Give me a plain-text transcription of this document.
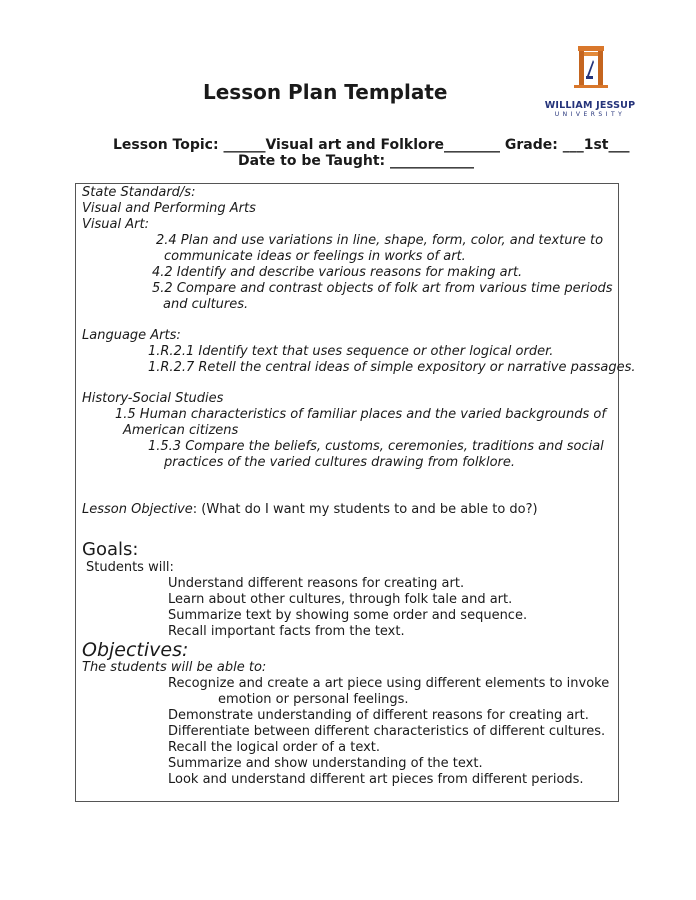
Lesson Plan Template
WILLIAM JESSUP
UNIVERSITY
Lesson Topic: ______Visual art and Folklore________ Grade: ___1st___
Date to be Taught: ____________
State Standard/s:
Visual and Performing Arts
Visual Art:
2.4 Plan and use variations in line, shape, form, color, and texture to
communicate ideas or feelings in works of art.
4.2 Identify and describe various reasons for making art.
5.2 Compare and contrast objects of folk art from various time periods
and cultures.
Language Arts:
1.R.2.1 Identify text that uses sequence or other logical order.
1.R.2.7 Retell the central ideas of simple expository or narrative passages.
History-Social Studies
1.5 Human characteristics of familiar places and the varied backgrounds of
American citizens
1.5.3 Compare the beliefs, customs, ceremonies, traditions and social
practices of the varied cultures drawing from folklore.
Lesson Objective: (What do I want my students to and be able to do?)
Goals:
Students will:
Understand different reasons for creating art.
Learn about other cultures, through folk tale and art.
Summarize text by showing some order and sequence.
Recall important facts from the text.
Objectives:
The students will be able to:
Recognize and create a art piece using different elements to invoke
emotion or personal feelings.
Demonstrate understanding of different reasons for creating art.
Differentiate between different characteristics of different cultures.
Recall the logical order of a text.
Summarize and show understanding of the text.
Look and understand different art pieces from different periods.
